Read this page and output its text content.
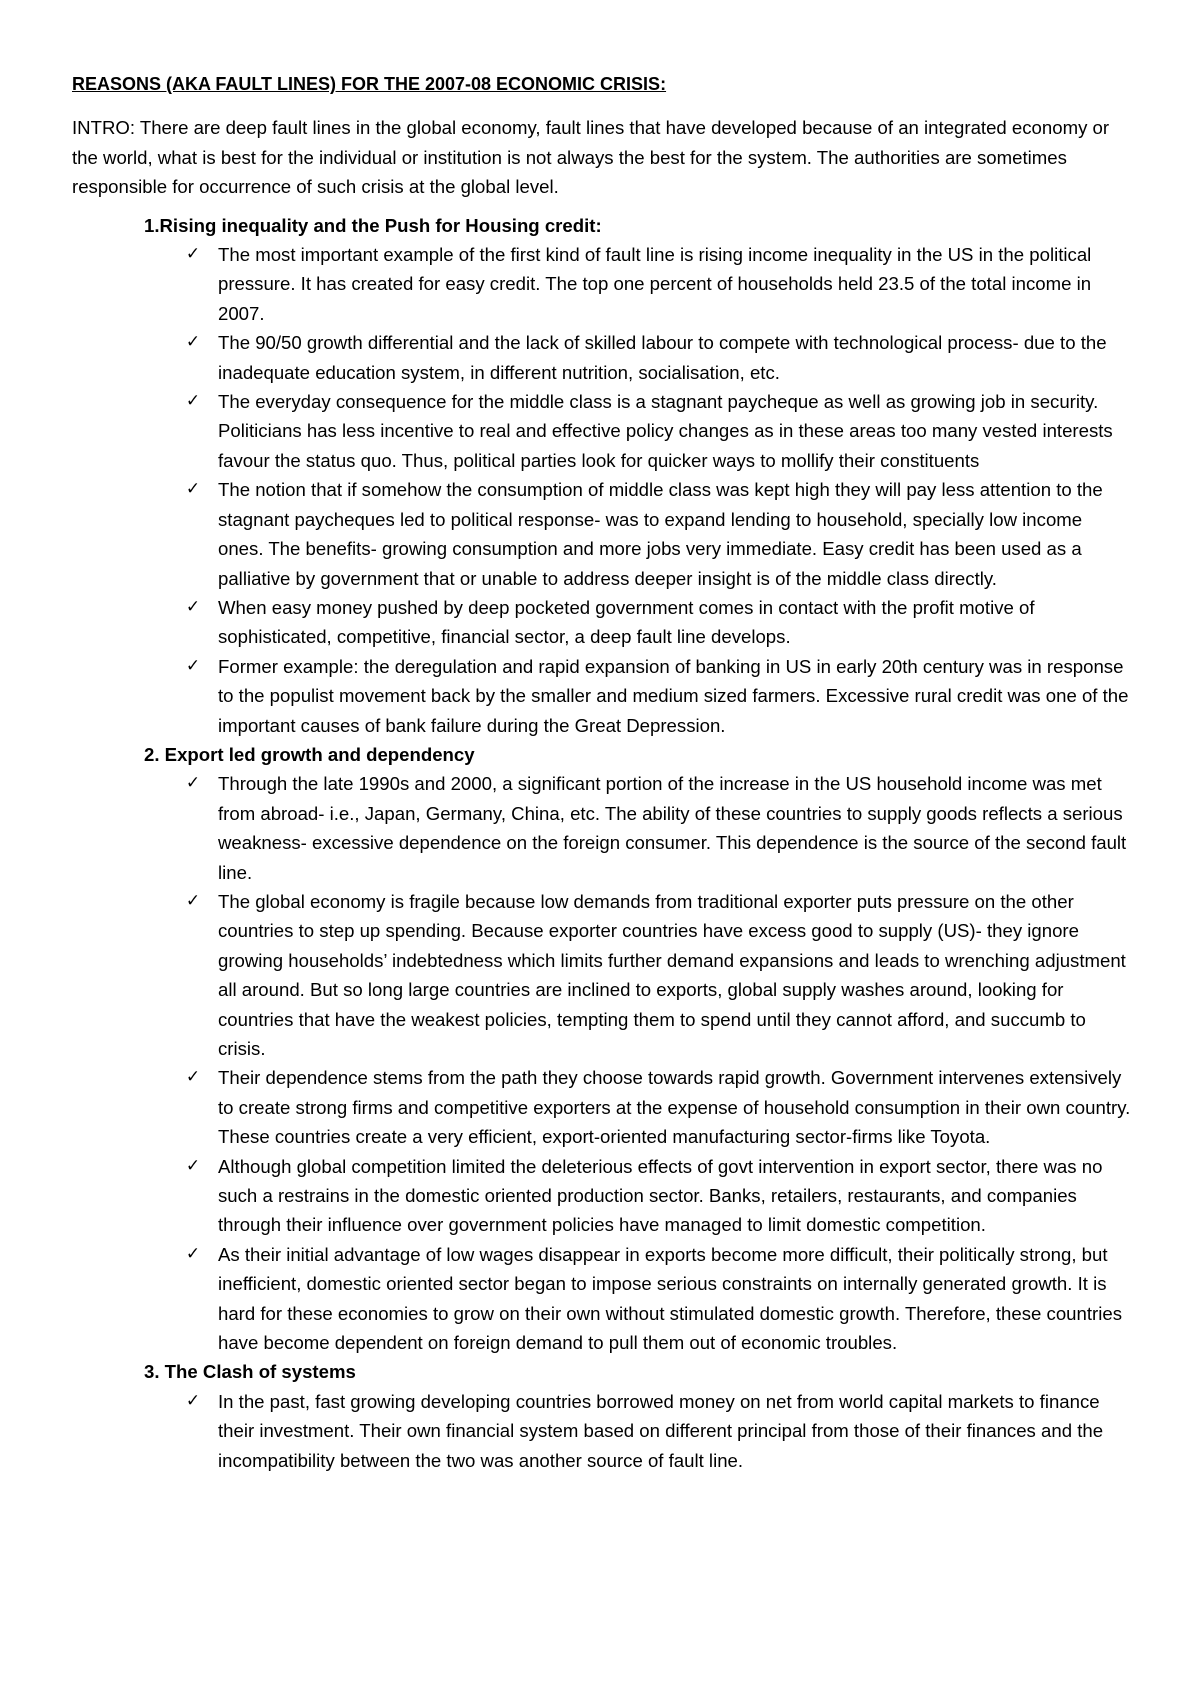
REASONS (AKA FAULT LINES) FOR THE 2007-08 ECONOMIC CRISIS:
INTRO: There are deep fault lines in the global economy, fault lines that have developed because of an integrated economy or the world, what is best for the individual or institution is not always the best for the system. The authorities are sometimes responsible for occurrence of such crisis at the global level.
1.Rising inequality and the Push for Housing credit:
✓ The most important example of the first kind of fault line is rising income inequality in the US in the political pressure. It has created for easy credit. The top one percent of households held 23.5 of the total income in 2007.
✓ The 90/50 growth differential and the lack of skilled labour to compete with technological process- due to the inadequate education system, in different nutrition, socialisation, etc.
✓ The everyday consequence for the middle class is a stagnant paycheque as well as growing job in security. Politicians has less incentive to real and effective policy changes as in these areas too many vested interests favour the status quo. Thus, political parties look for quicker ways to mollify their constituents
✓ The notion that if somehow the consumption of middle class was kept high they will pay less attention to the stagnant paycheques led to political response- was to expand lending to household, specially low income ones. The benefits- growing consumption and more jobs very immediate. Easy credit has been used as a palliative by government that or unable to address deeper insight is of the middle class directly.
✓ When easy money pushed by deep pocketed government comes in contact with the profit motive of sophisticated, competitive, financial sector, a deep fault line develops.
✓ Former example: the deregulation and rapid expansion of banking in US in early 20th century was in response to the populist movement back by the smaller and medium sized farmers. Excessive rural credit was one of the important causes of bank failure during the Great Depression.
2. Export led growth and dependency
✓ Through the late 1990s and 2000, a significant portion of the increase in the US household income was met from abroad- i.e., Japan, Germany, China, etc. The ability of these countries to supply goods reflects a serious weakness- excessive dependence on the foreign consumer. This dependence is the source of the second fault line.
✓ The global economy is fragile because low demands from traditional exporter puts pressure on the other countries to step up spending. Because exporter countries have excess good to supply (US)- they ignore growing households’ indebtedness which limits further demand expansions and leads to wrenching adjustment all around. But so long large countries are inclined to exports, global supply washes around, looking for countries that have the weakest policies, tempting them to spend until they cannot afford, and succumb to crisis.
✓ Their dependence stems from the path they choose towards rapid growth. Government intervenes extensively to create strong firms and competitive exporters at the expense of household consumption in their own country. These countries create a very efficient, export-oriented manufacturing sector-firms like Toyota.
✓ Although global competition limited the deleterious effects of govt intervention in export sector, there was no such a restrains in the domestic oriented production sector. Banks, retailers, restaurants, and companies through their influence over government policies have managed to limit domestic competition.
✓ As their initial advantage of low wages disappear in exports become more difficult, their politically strong, but inefficient, domestic oriented sector began to impose serious constraints on internally generated growth. It is hard for these economies to grow on their own without stimulated domestic growth. Therefore, these countries have become dependent on foreign demand to pull them out of economic troubles.
3. The Clash of systems
✓ In the past, fast growing developing countries borrowed money on net from world capital markets to finance their investment. Their own financial system based on different principal from those of their finances and the incompatibility between the two was another source of fault line.
